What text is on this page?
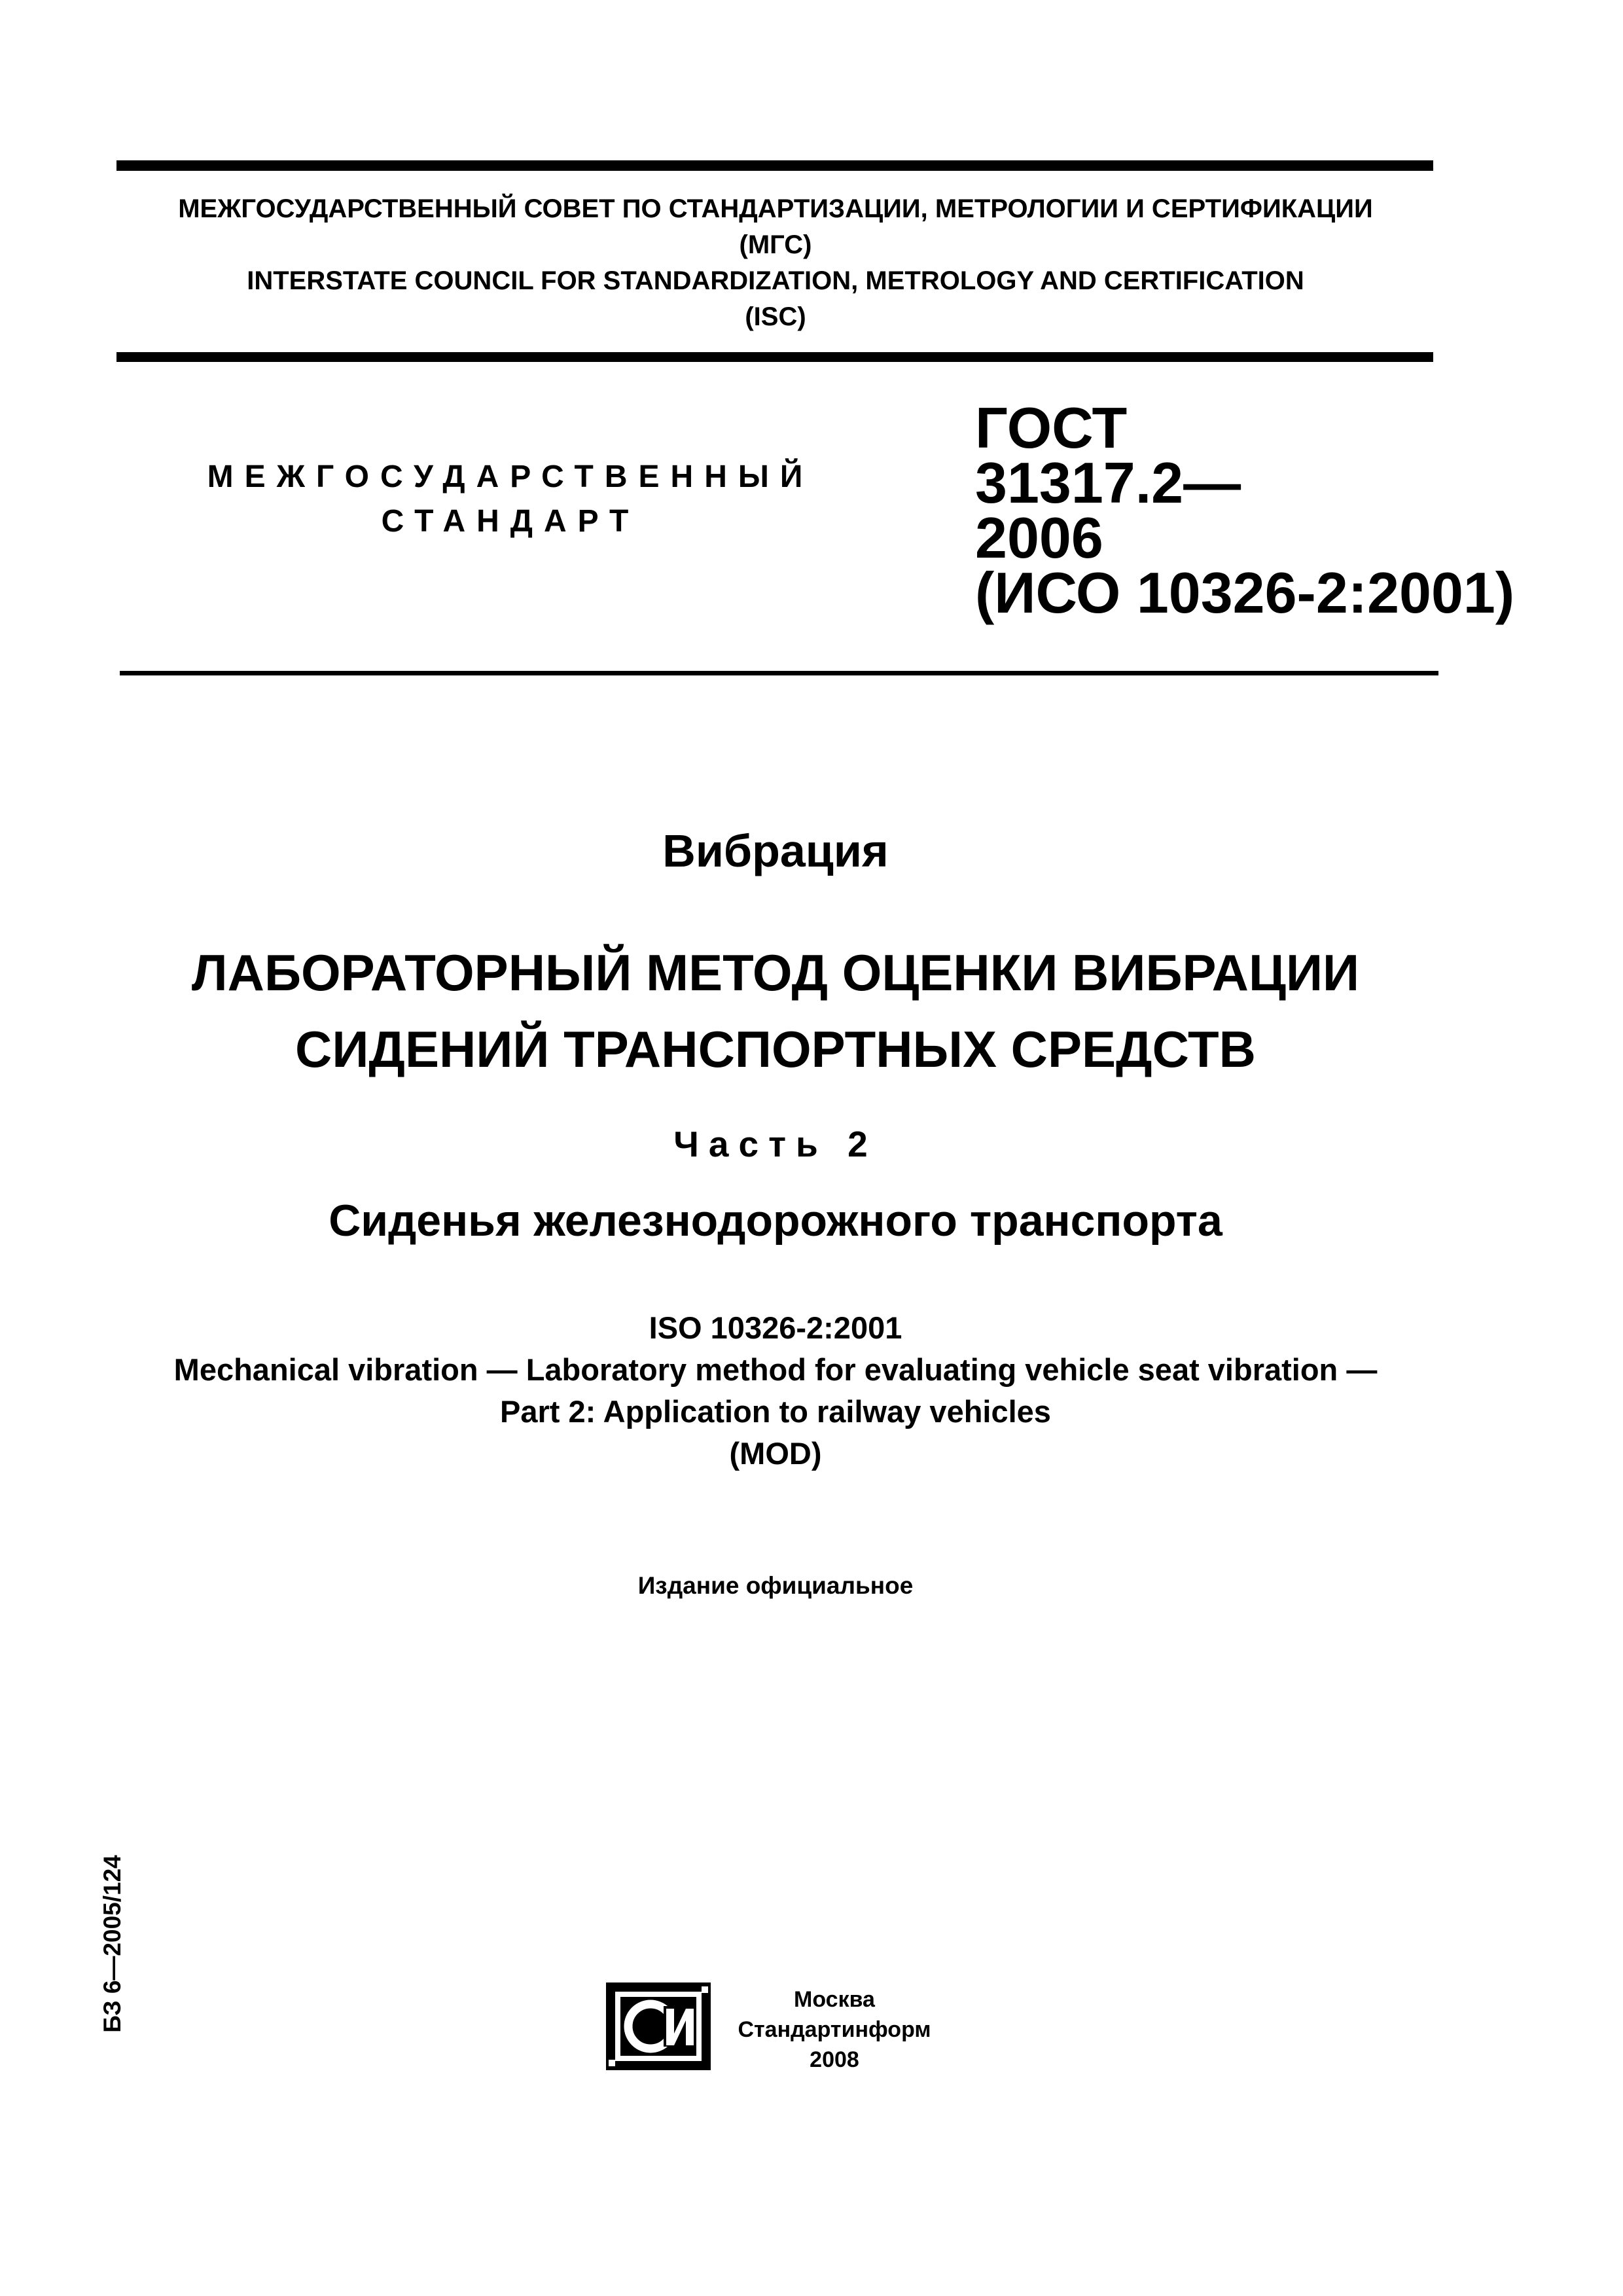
МЕЖГОСУДАРСТВЕННЫЙ СОВЕТ ПО СТАНДАРТИЗАЦИИ, МЕТРОЛОГИИ И СЕРТИФИКАЦИИ
(МГС)
INTERSTATE COUNCIL FOR STANDARDIZATION, METROLOGY AND CERTIFICATION
(ISC)
МЕЖГОСУДАРСТВЕННЫЙ
СТАНДАРТ
ГОСТ
31317.2—
2006
(ИСО 10326-2:2001)
Вибрация
ЛАБОРАТОРНЫЙ МЕТОД ОЦЕНКИ ВИБРАЦИИ
СИДЕНИЙ ТРАНСПОРТНЫХ СРЕДСТВ
Часть 2
Сиденья железнодорожного транспорта
ISO 10326-2:2001
Mechanical vibration — Laboratory method for evaluating vehicle seat vibration —
Part 2: Application to railway vehicles
(MOD)
Издание официальное
БЗ 6—2005/124	Москва
Стандартинформ
2008
